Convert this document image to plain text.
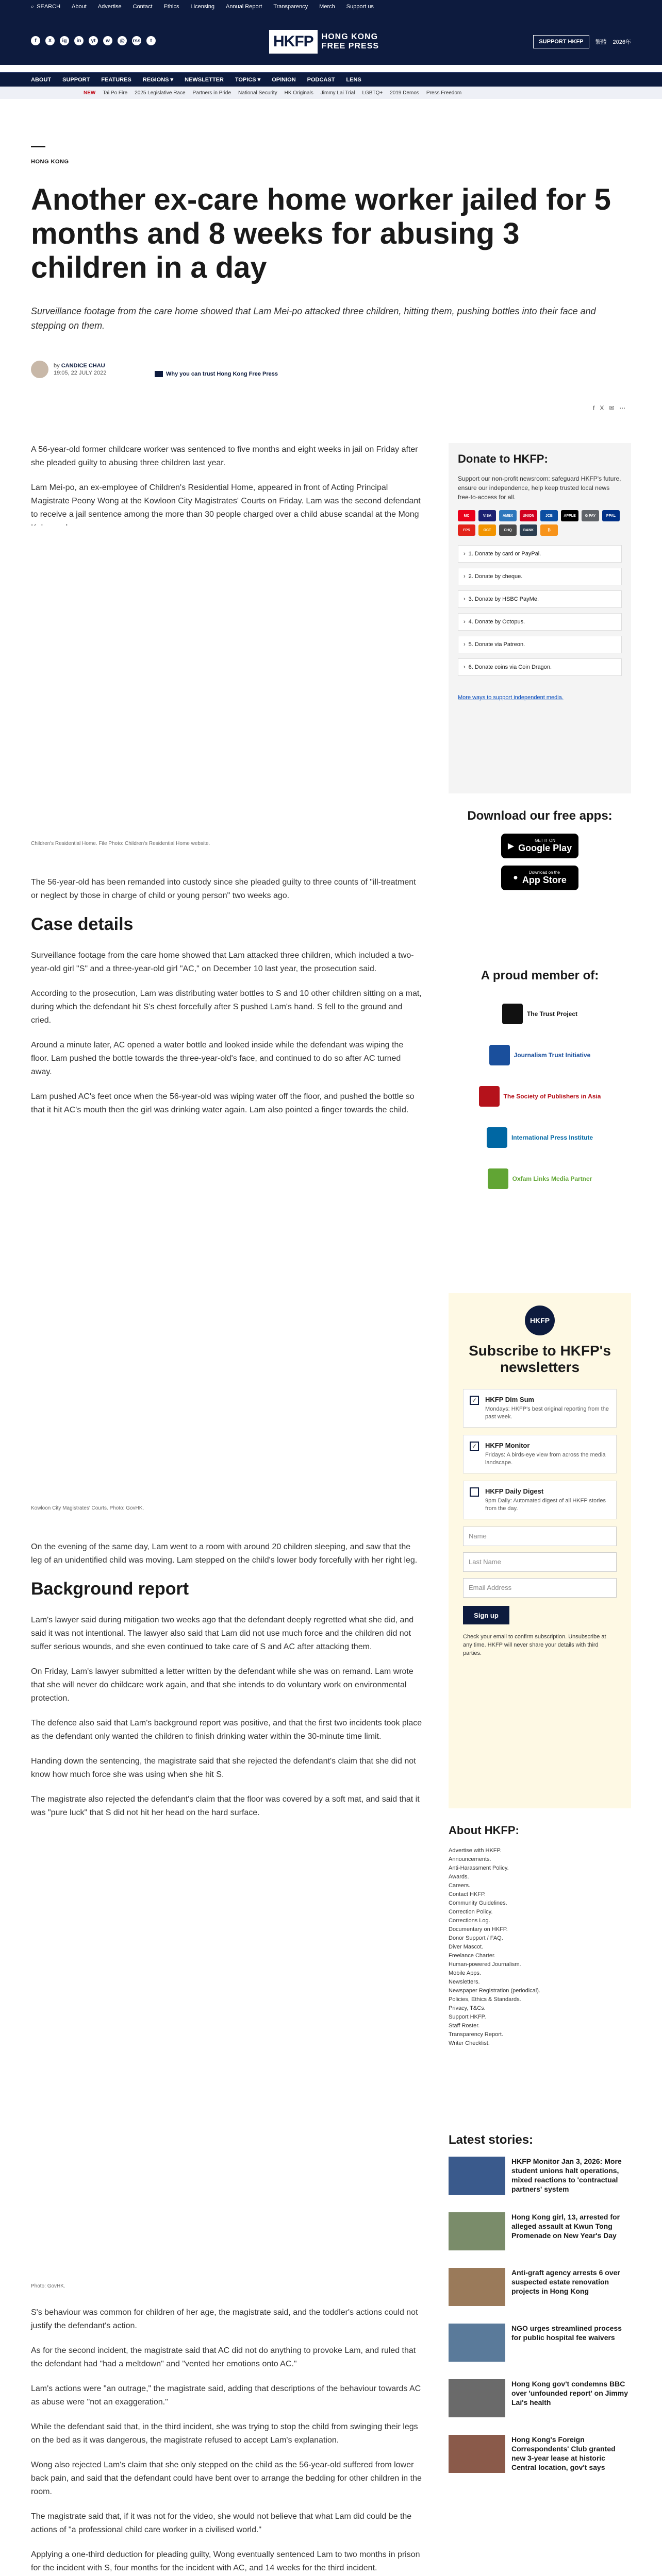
⌕ SEARCH About Advertise Contact Ethics Licensing Annual Report Transparency Merch Support us
f	X	ig	in	yt	w	@	rss	t	HKFP	HONG KONG
FREE PRESS	SUPPORT HKFP	繁體 2026年
ABOUT SUPPORT FEATURES REGIONS ▾ NEWSLETTER TOPICS ▾ OPINION PODCAST LENS
NEW Tai Po Fire 2025 Legislative Race Partners in Pride National Security HK Originals Jimmy Lai Trial LGBTQ+ 2019 Demos Press Freedom
HONG KONG
Another ex-care home worker jailed for 5 months and 8 weeks for abusing 3 children in a day

Surveillance footage from the care home showed that Lam Mei-po attacked three children, hitting them, pushing bottles into their face and stepping on them.

by CANDICE CHAU
19:05, 22 JULY 2022	Why you can trust Hong Kong Free Press
f X ✉ ⋯

A 56-year-old former childcare worker was sentenced to five months and eight weeks in jail on Friday after she pleaded guilty to abusing three children last year.

Lam Mei-po, an ex-employee of Children's Residential Home, appeared in front of Acting Principal Magistrate Peony Wong at the Kowloon City Magistrates' Courts on Friday. Lam was the second defendant to receive a jail sentence among the more than 30 people charged over a child abuse scandal at the Mong

Children's Residential Home. File Photo: Children's Residential Home website.

The 56-year-old has been remanded into custody since she pleaded guilty to three counts of "ill-treatment or neglect by those in charge of child or young person" two weeks ago.

Case details

Surveillance footage from the care home showed that Lam attacked three children, which included a two-year-old girl "S" and a three-year-old girl "AC," on December 10 last year, the prosecution said.

According to the prosecution, Lam was distributing water bottles to S and 10 other children sitting on a mat, during which the defendant hit S's chest forcefully after S pushed Lam's hand. S fell to the ground and cried.

Around a minute later, AC opened a water bottle and looked inside while the defendant was wiping the floor. Lam pushed the bottle towards the three-year-old's face, and continued to do so after AC turned away.

Lam pushed AC's feet once when the 56-year-old was wiping water off the floor, and pushed the bottle so that it hit AC's mouth then the girl was drinking water again. Lam also pointed a finger towards the child.

Kowloon City Magistrates' Courts. Photo: GovHK.

On the evening of the same day, Lam went to a room with around 20 children sleeping, and saw that the leg of an unidentified child was moving. Lam stepped on the child's lower body forcefully with her right leg.

Background report

Lam's lawyer said during mitigation two weeks ago that the defendant deeply regretted what she did, and said it was not intentional. The lawyer also said that Lam did not use much force and the children did not suffer serious wounds, and she even continued to take care of S and AC after attacking them.

On Friday, Lam's lawyer submitted a letter written by the defendant while she was on remand. Lam wrote that she will never do childcare work again, and that she intends to do voluntary work on environmental protection.

The defence also said that Lam's background report was positive, and that the first two incidents took place as the defendant only wanted the children to finish drinking water within the 30-minute time limit.

Handing down the sentencing, the magistrate said that she rejected the defendant's claim that she did not know how much force she was using when she hit S.

The magistrate also rejected the defendant's claim that the floor was covered by a soft mat, and said that it was "pure luck" that S did not hit her head on the hard surface.

Photo: GovHK.

S's behaviour was common for children of her age, the magistrate said, and the toddler's actions could not justify the defendant's action.

As for the second incident, the magistrate said that AC did not do anything to provoke Lam, and ruled that the defendant had "had a meltdown" and "vented her emotions onto AC."

Lam's actions were "an outrage," the magistrate said, adding that descriptions of the behaviour towards AC as abuse were "not an exaggeration."

While the defendant said that, in the third incident, she was trying to stop the child from swinging their legs on the bed as it was dangerous, the magistrate refused to accept Lam's explanation.

Wong also rejected Lam's claim that she only stepped on the child as the 56-year-old suffered from lower back pain, and said that the defendant could have bent over to arrange the bedding for other children in the room.

The magistrate said that, if it was not for the video, she would not believe that what Lam did could be the actions of "a professional child care worker in a civilised world."

Applying a one-third deduction for pleading guilty, Wong eventually sentenced Lam to two months in prison for the incident with S, four months for the incident with AC, and 14 weeks for the third incident.

Donate to HKFP:

Support our non-profit newsroom: safeguard HKFP's future, ensure our independence, help keep trusted local news free-to-access for all.

MC	VISA	AMEX	UNION	JCB	APPLE	G PAY	PPAL
FPS	OCT	CHQ	BANK	₿
› 1. Donate by card or PayPal.
› 2. Donate by cheque.
› 3. Donate by HSBC PayMe.
› 4. Donate by Octopus.
› 5. Donate via Patreon.
› 6. Donate coins via Coin Dragon.
More ways to support independent media.
Download our free apps:
▶
GET IT ON
Google Play
●
Download on the
App Store
A proud member of:
The Trust Project
Journalism Trust Initiative
The Society of Publishers in Asia
International Press Institute
Oxfam Links Media Partner
HKFP
Subscribe to HKFP's newsletters
✓	HKFP Dim Sum
Mondays: HKFP's best original reporting from the past week.
✓	HKFP Monitor
Fridays: A birds-eye view from across the media landscape.
HKFP Daily Digest
9pm Daily: Automated digest of all HKFP stories from the day.
Name
Last Name
Email Address
Sign up

Check your email to confirm subscription. Unsubscribe at any time. HKFP will never share your details with third parties.

About HKFP:
Advertise with HKFP.
Announcements.
Anti-Harassment Policy.
Awards.
Careers.
Contact HKFP.
Community Guidelines.
Correction Policy.
Corrections Log.
Documentary on HKFP.
Donor Support / FAQ.
Diver Mascot.
Freelance Charter.
Human-powered Journalism.
Mobile Apps.
Newsletters.
Newspaper Registration (periodical).
Policies, Ethics & Standards.
Privacy, T&Cs.
Support HKFP.
Staff Roster.
Transparency Report.
Writer Checklist.
Latest stories:
HKFP Monitor Jan 3, 2026: More student unions halt operations, mixed reactions to 'contractual partners' system
Hong Kong girl, 13, arrested for alleged assault at Kwun Tong Promenade on New Year's Day
Anti-graft agency arrests 6 over suspected estate renovation projects in Hong Kong
NGO urges streamlined process for public hospital fee waivers
Hong Kong gov't condemns BBC over 'unfounded report' on Jimmy Lai's health
Hong Kong's Foreign Correspondents' Club granted new 3-year lease at historic Central location, gov't says
